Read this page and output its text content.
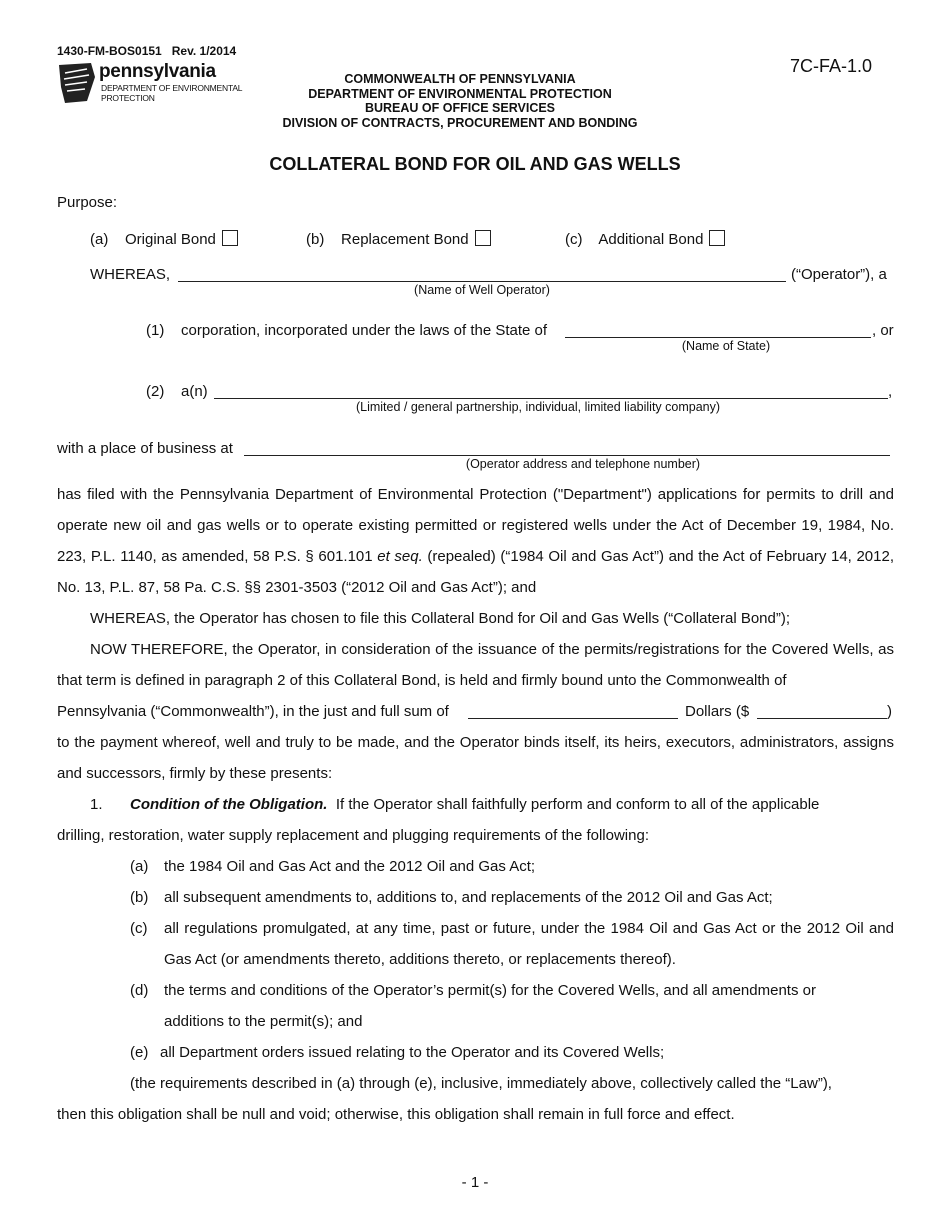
1430-FM-BOS0151 Rev. 1/2014
pennsylvania
DEPARTMENT OF ENVIRONMENTAL
PROTECTION
7C-FA-1.0
COMMONWEALTH OF PENNSYLVANIA
DEPARTMENT OF ENVIRONMENTAL PROTECTION
BUREAU OF OFFICE SERVICES
DIVISION OF CONTRACTS, PROCUREMENT AND BONDING
COLLATERAL BOND FOR OIL AND GAS WELLS
Purpose:
(a) Original Bond	(b) Replacement Bond	(c) Additional Bond
WHEREAS,	(“Operator”), a
(Name of Well Operator)
(1) corporation, incorporated under the laws of the State of	, or
(Name of State)
(2) a(n)	,
(Limited / general partnership, individual, limited liability company)
with a place of business at
(Operator address and telephone number)
has filed with the Pennsylvania Department of Environmental Protection ("Department") applications for permits to drill and operate new oil and gas wells or to operate existing permitted or registered wells under the Act of December 19, 1984, No. 223, P.L. 1140, as amended, 58 P.S. § 601.101 et seq. (repealed) (“1984 Oil and Gas Act”) and the Act of February 14, 2012, No. 13, P.L. 87, 58 Pa. C.S. §§ 2301-3503 (“2012 Oil and Gas Act”); and
WHEREAS, the Operator has chosen to file this Collateral Bond for Oil and Gas Wells (“Collateral Bond”);
NOW THEREFORE, the Operator, in consideration of the issuance of the permits/registrations for the Covered Wells, as that term is defined in paragraph 2 of this Collateral Bond, is held and firmly bound unto the Commonwealth of
Pennsylvania (“Commonwealth”), in the just and full sum of	Dollars ($	)
to the payment whereof, well and truly to be made, and the Operator binds itself, its heirs, executors, administrators, assigns and successors, firmly by these presents:
1. Condition of the Obligation. If the Operator shall faithfully perform and conform to all of the applicable
drilling, restoration, water supply replacement and plugging requirements of the following:
(a) the 1984 Oil and Gas Act and the 2012 Oil and Gas Act;
(b) all subsequent amendments to, additions to, and replacements of the 2012 Oil and Gas Act;
(c) all regulations promulgated, at any time, past or future, under the 1984 Oil and Gas Act or the 2012 Oil and Gas Act (or amendments thereto, additions thereto, or replacements thereof).
(d) the terms and conditions of the Operator’s permit(s) for the Covered Wells, and all amendments or additions to the permit(s); and
(e) all Department orders issued relating to the Operator and its Covered Wells;
(the requirements described in (a) through (e), inclusive, immediately above, collectively called the “Law”),
then this obligation shall be null and void; otherwise, this obligation shall remain in full force and effect.
- 1 -
